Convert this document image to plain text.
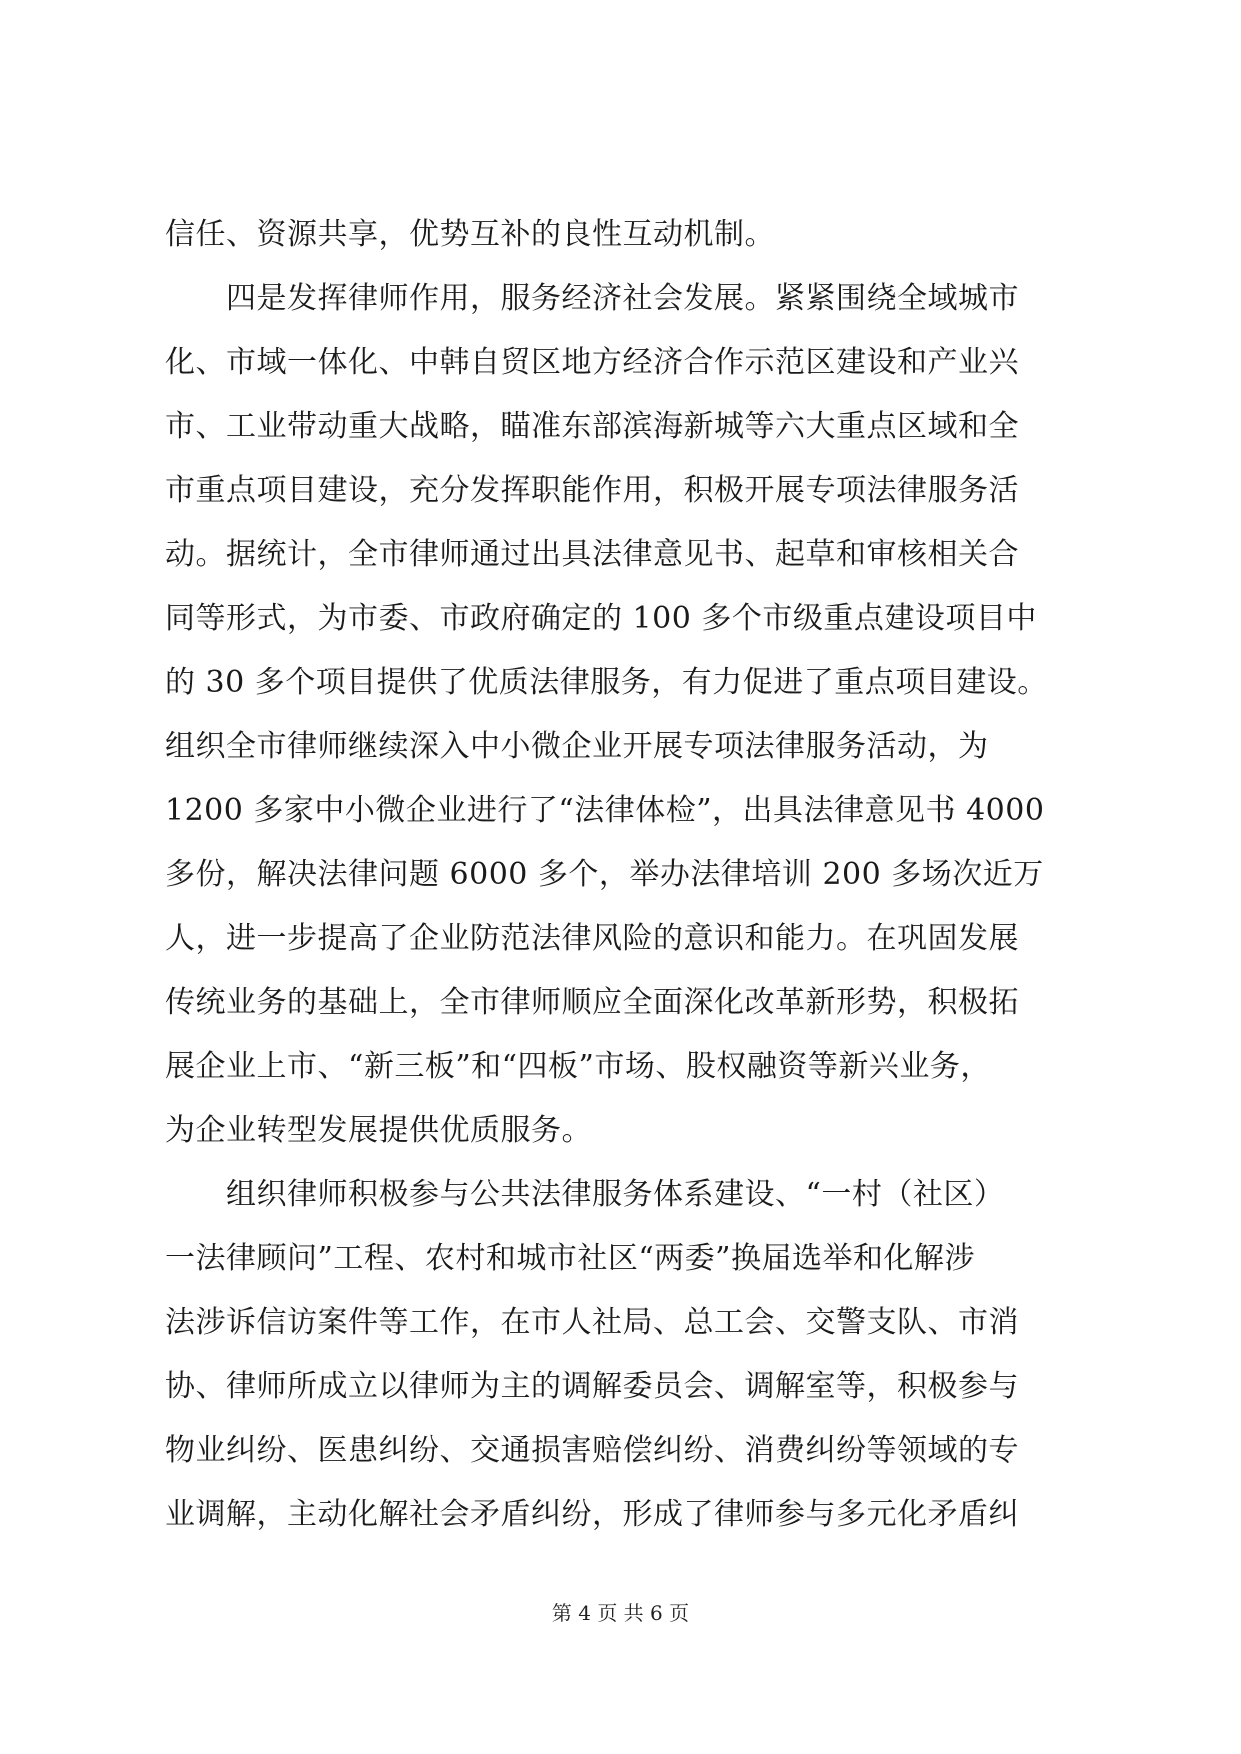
信任、资源共享，优势互补的良性互动机制。
　　四是发挥律师作用，服务经济社会发展。紧紧围绕全域城市
化、市域一体化、中韩自贸区地方经济合作示范区建设和产业兴
市、工业带动重大战略，瞄准东部滨海新城等六大重点区域和全
市重点项目建设，充分发挥职能作用，积极开展专项法律服务活
动。据统计，全市律师通过出具法律意见书、起草和审核相关合
同等形式，为市委、市政府确定的 100 多个市级重点建设项目中
的 30 多个项目提供了优质法律服务，有力促进了重点项目建设。
组织全市律师继续深入中小微企业开展专项法律服务活动，为
1200 多家中小微企业进行了“法律体检”，出具法律意见书 4000
多份，解决法律问题 6000 多个，举办法律培训 200 多场次近万
人，进一步提高了企业防范法律风险的意识和能力。在巩固发展
传统业务的基础上，全市律师顺应全面深化改革新形势，积极拓
展企业上市、“新三板”和“四板”市场、股权融资等新兴业务，
为企业转型发展提供优质服务。
　　组织律师积极参与公共法律服务体系建设、“一村（社区）
一法律顾问”工程、农村和城市社区“两委”换届选举和化解涉
法涉诉信访案件等工作，在市人社局、总工会、交警支队、市消
协、律师所成立以律师为主的调解委员会、调解室等，积极参与
物业纠纷、医患纠纷、交通损害赔偿纠纷、消费纠纷等领域的专
业调解，主动化解社会矛盾纠纷，形成了律师参与多元化矛盾纠
第 4 页 共 6 页
